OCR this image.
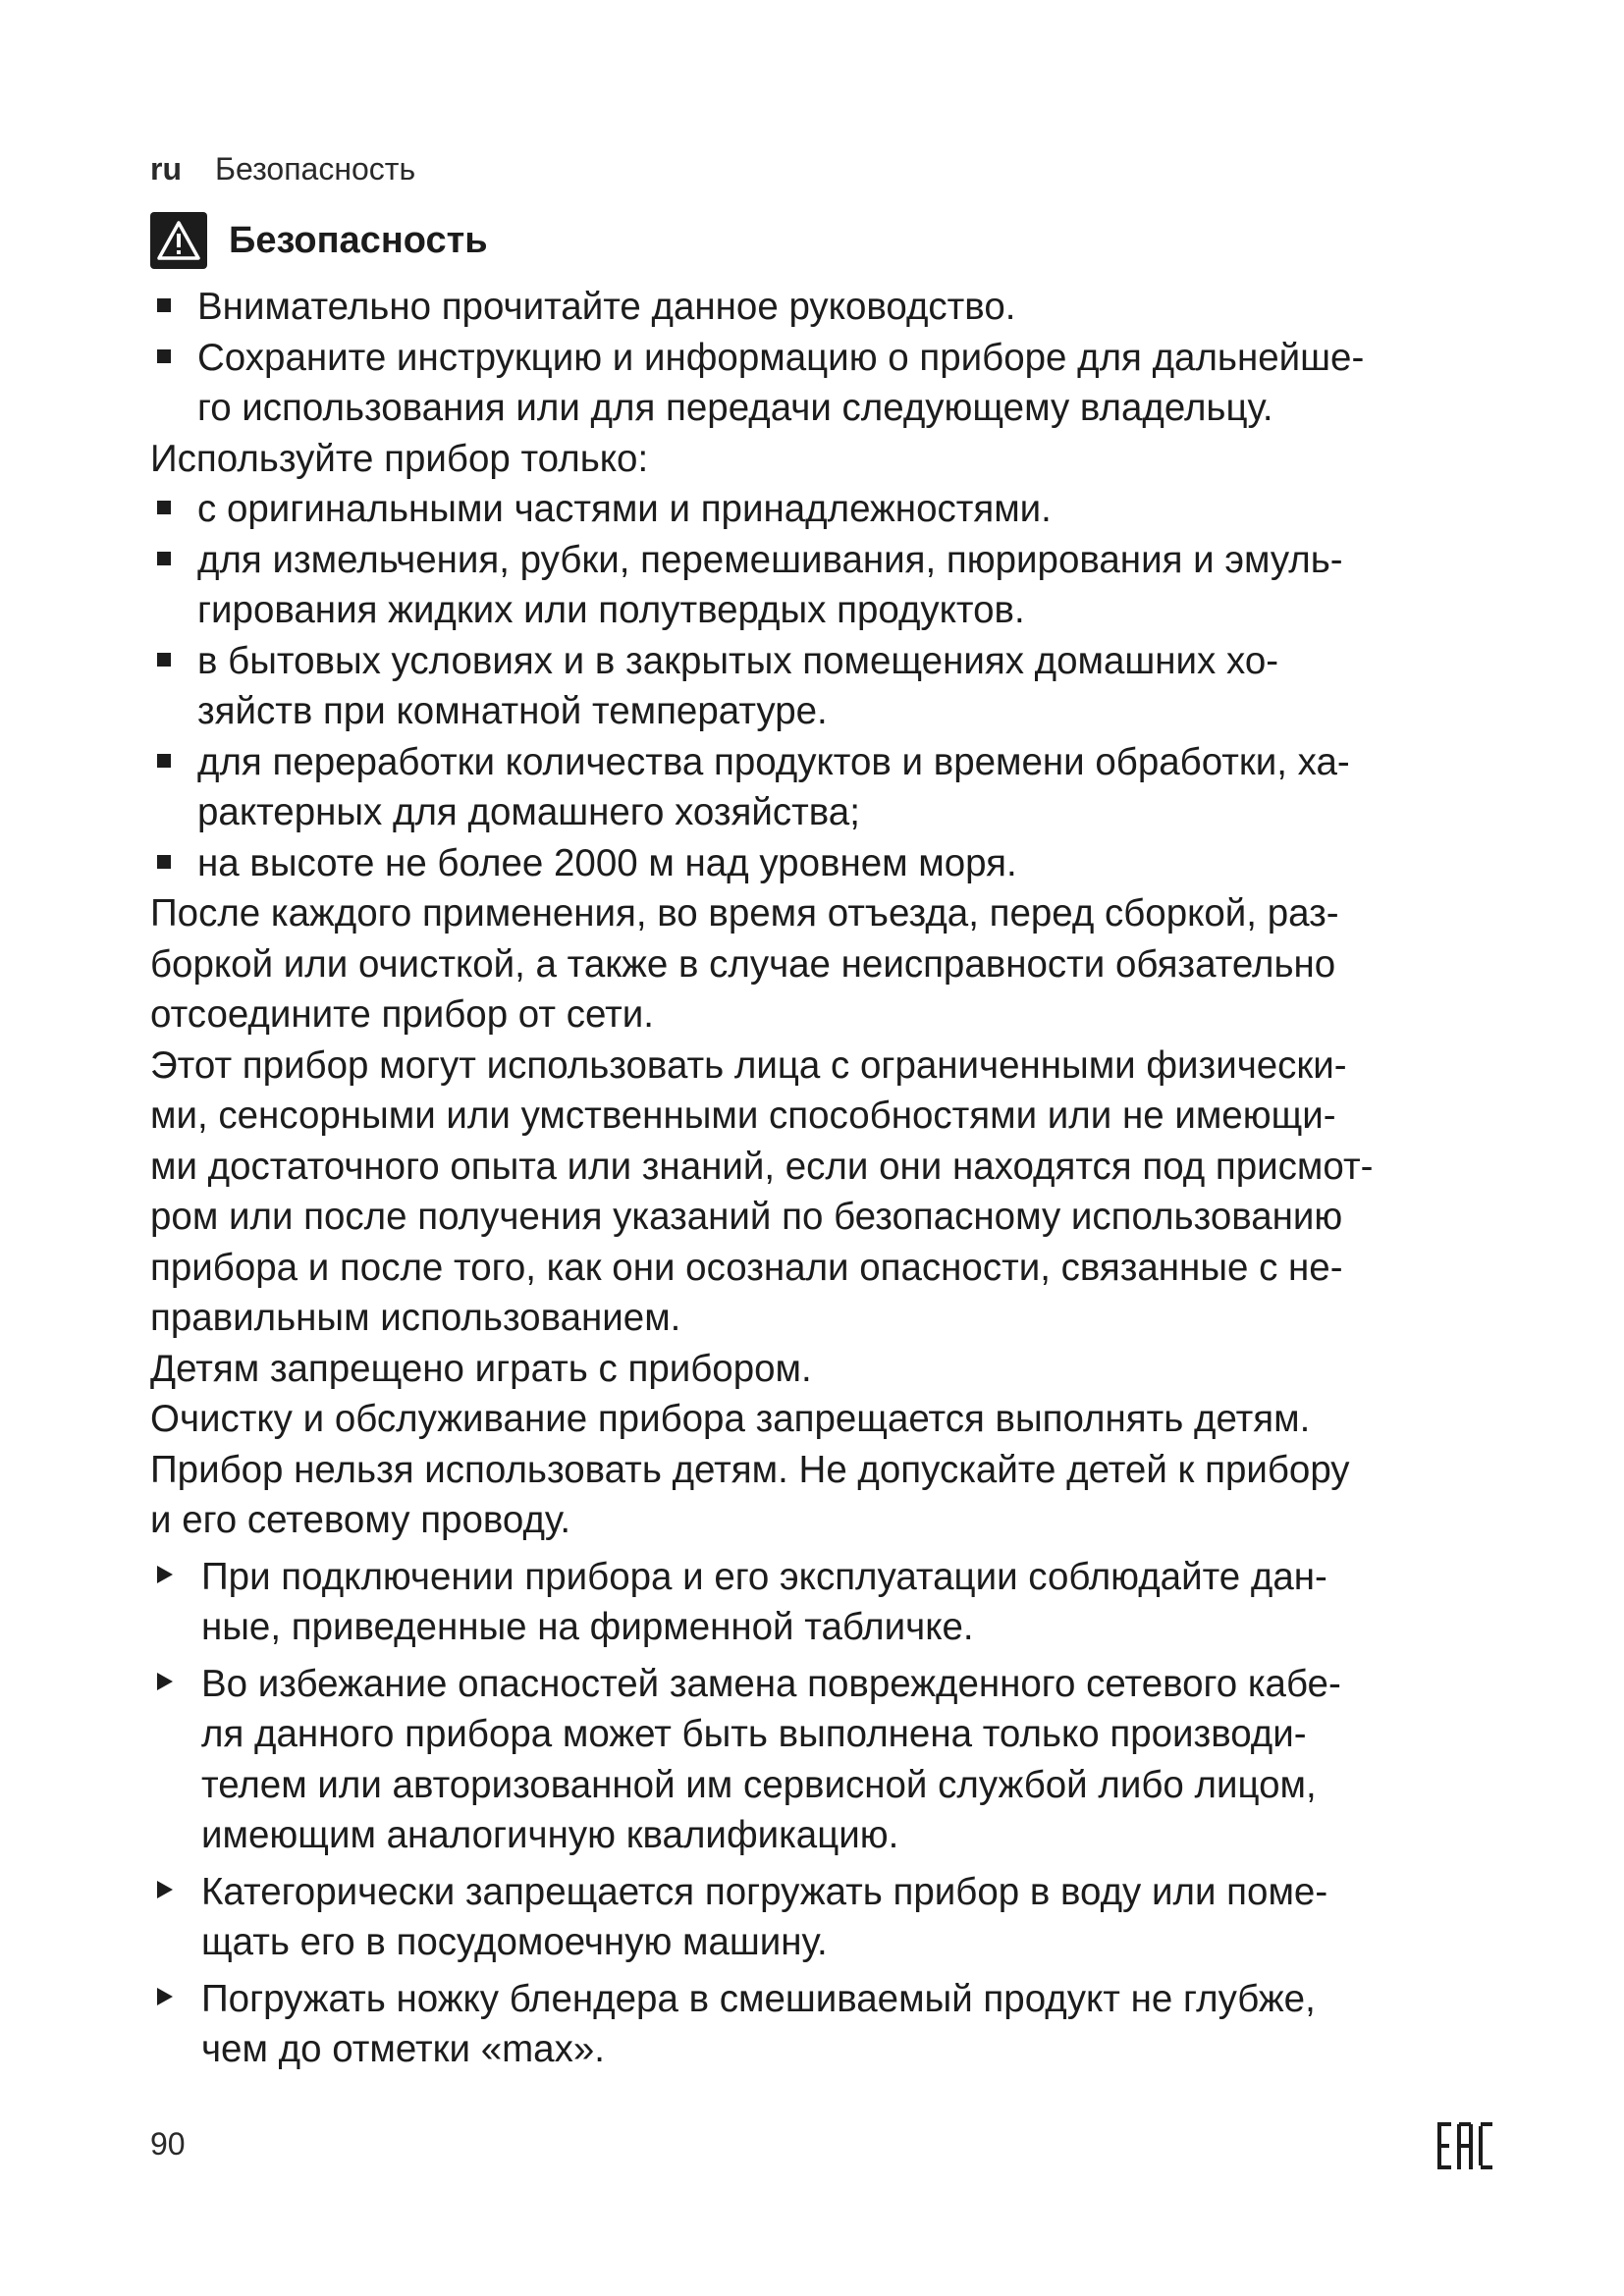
ru Безопасность
Безопасность
Внимательно прочитайте данное руководство.
Сохраните инструкцию и информацию о приборе для дальнейше-
го использования или для передачи следующему владельцу.

Используйте прибор только:

с оригинальными частями и принадлежностями.
для измельчения, рубки, перемешивания, пюрирования и эмуль-
гирования жидких или полутвердых продуктов.
в бытовых условиях и в закрытых помещениях домашних хо-
зяйств при комнатной температуре.
для переработки количества продуктов и времени обработки, ха-
рактерных для домашнего хозяйства;
на высоте не более 2000 м над уровнем моря.

После каждого применения, во время отъезда, перед сборкой, раз-
боркой или очисткой, а также в случае неисправности обязательно
отсоедините прибор от сети.

Этот прибор могут использовать лица с ограниченными физически-
ми, сенсорными или умственными способностями или не имеющи-
ми достаточного опыта или знаний, если они находятся под присмот-
ром или после получения указаний по безопасному использованию
прибора и после того, как они осознали опасности, связанные с не-
правильным использованием.

Детям запрещено играть с прибором.

Очистку и обслуживание прибора запрещается выполнять детям.
Прибор нельзя использовать детям. Не допускайте детей к прибору
и его сетевому проводу.

При подключении прибора и его эксплуатации соблюдайте дан-
ные, приведенные на фирменной табличке.
Во избежание опасностей замена поврежденного сетевого кабе-
ля данного прибора может быть выполнена только производи-
телем или авторизованной им сервисной службой либо лицом,
имеющим аналогичную квалификацию.
Категорически запрещается погружать прибор в воду или поме-
щать его в посудомоечную машину.
Погружать ножку блендера в смешиваемый продукт не глубже,
чем до отметки «max».
90
